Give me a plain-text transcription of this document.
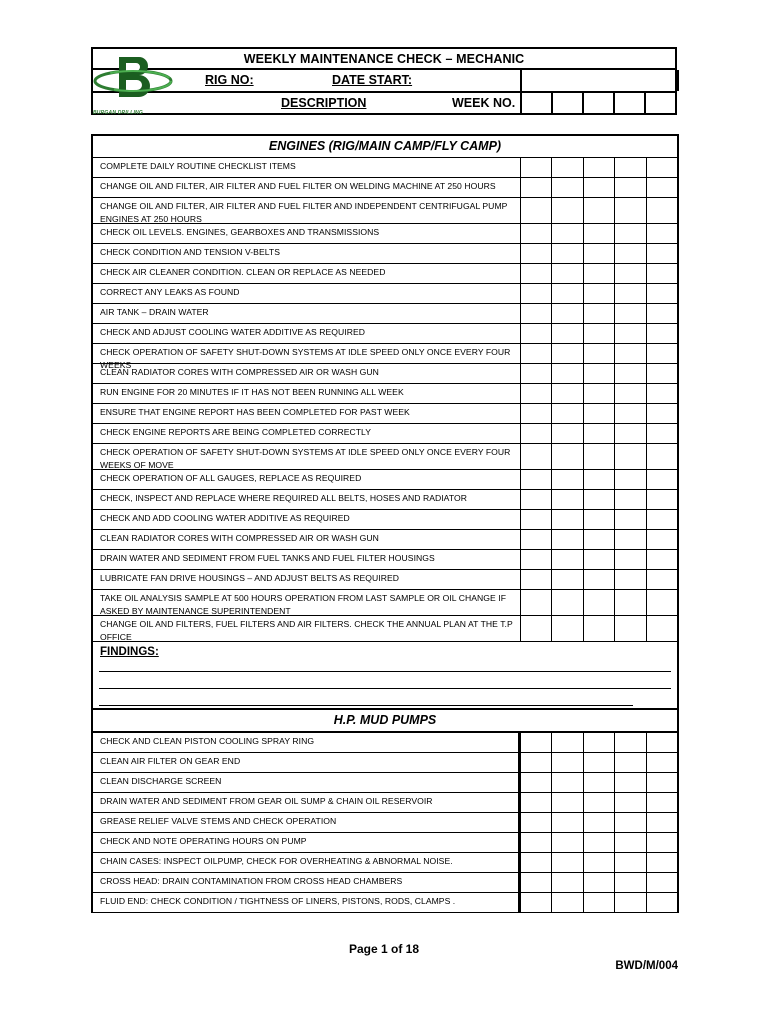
WEEKLY MAINTENANCE CHECK – MECHANIC
RIG NO:	DATE START:
DESCRIPTION	WEEK NO.
BURGAN DRILLING
ENGINES (RIG/MAIN CAMP/FLY CAMP)
COMPLETE DAILY ROUTINE CHECKLIST ITEMS
CHANGE OIL AND FILTER, AIR FILTER AND FUEL FILTER ON WELDING MACHINE AT 250 HOURS
CHANGE OIL AND FILTER, AIR FILTER AND FUEL FILTER AND INDEPENDENT CENTRIFUGAL PUMP ENGINES AT 250 HOURS
CHECK OIL LEVELS. ENGINES, GEARBOXES AND TRANSMISSIONS
CHECK CONDITION AND TENSION V-BELTS
CHECK AIR CLEANER CONDITION. CLEAN OR REPLACE AS NEEDED
CORRECT ANY LEAKS AS FOUND
AIR TANK – DRAIN WATER
CHECK AND ADJUST COOLING WATER ADDITIVE AS REQUIRED
CHECK OPERATION OF SAFETY SHUT-DOWN SYSTEMS AT IDLE SPEED ONLY ONCE EVERY FOUR WEEKS
CLEAN RADIATOR CORES WITH COMPRESSED AIR OR WASH GUN
RUN ENGINE FOR 20 MINUTES IF IT HAS NOT BEEN RUNNING ALL WEEK
ENSURE THAT ENGINE REPORT HAS BEEN COMPLETED FOR PAST WEEK
CHECK ENGINE REPORTS ARE BEING COMPLETED CORRECTLY
CHECK OPERATION OF SAFETY SHUT-DOWN SYSTEMS AT IDLE SPEED ONLY ONCE EVERY FOUR WEEKS OF MOVE
CHECK OPERATION OF ALL GAUGES, REPLACE AS REQUIRED
CHECK, INSPECT AND REPLACE WHERE REQUIRED ALL BELTS, HOSES AND RADIATOR
CHECK AND ADD COOLING WATER ADDITIVE AS REQUIRED
CLEAN RADIATOR CORES WITH COMPRESSED AIR OR WASH GUN
DRAIN WATER AND SEDIMENT FROM FUEL TANKS AND FUEL FILTER HOUSINGS
LUBRICATE FAN DRIVE HOUSINGS – AND ADJUST BELTS AS REQUIRED
TAKE OIL ANALYSIS SAMPLE AT 500 HOURS OPERATION FROM LAST SAMPLE OR OIL CHANGE IF ASKED BY MAINTENANCE SUPERINTENDENT
CHANGE OIL AND FILTERS, FUEL FILTERS AND AIR FILTERS. CHECK THE ANNUAL PLAN AT THE T.P OFFICE
FINDINGS:
H.P. MUD PUMPS
CHECK AND CLEAN PISTON COOLING SPRAY RING
CLEAN AIR FILTER ON GEAR END
CLEAN DISCHARGE SCREEN
DRAIN WATER AND SEDIMENT FROM GEAR OIL SUMP & CHAIN OIL RESERVOIR
GREASE RELIEF VALVE STEMS AND CHECK OPERATION
CHECK AND NOTE OPERATING HOURS ON PUMP
CHAIN CASES: INSPECT OILPUMP, CHECK FOR OVERHEATING & ABNORMAL NOISE.
CROSS HEAD: DRAIN CONTAMINATION FROM CROSS HEAD CHAMBERS
FLUID END: CHECK CONDITION / TIGHTNESS OF LINERS, PISTONS, RODS, CLAMPS .
Page 1 of 18
BWD/M/004
